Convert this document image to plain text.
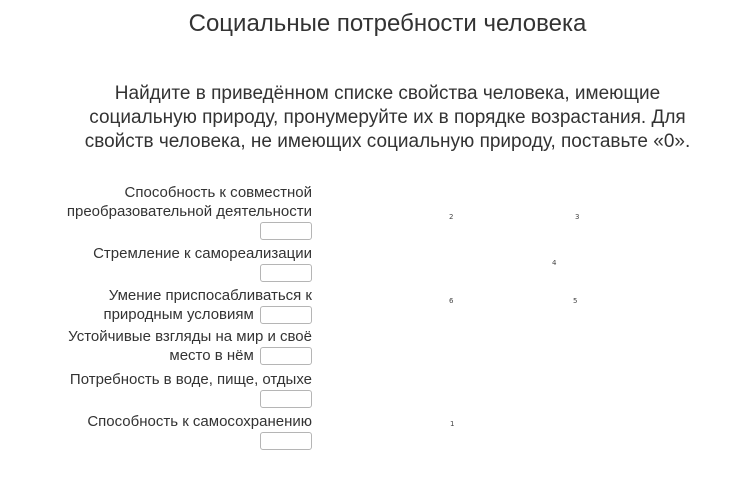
Социальные потребности человека
Найдите в приведённом списке свойства человека, имеющие социальную природу, пронумеруйте их в порядке возрастания. Для свойств человека, не имеющих социальную природу, поставьте «0».
Способность к совместной преобразовательной деятельности

Стремление к самореализации

Умение приспосабливаться к природным условиям
Устойчивые взгляды на мир и своё место в нём
Потребность в воде, пище, отдыхе

Способность к самосохранению

2	3
4
6	5
1
